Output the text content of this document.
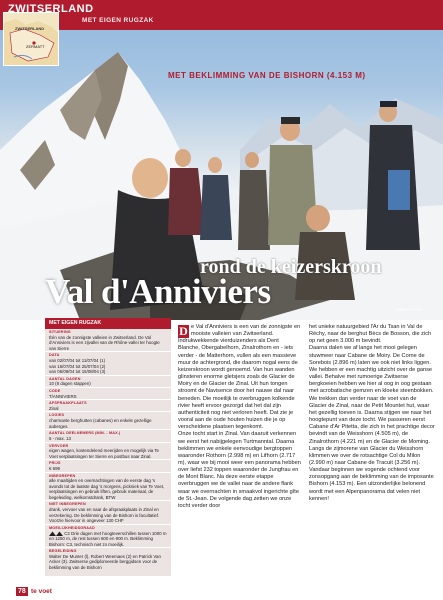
ZWITSERLAND
ZERMATT
ZWITSERLAND
MET EIGEN RUGZAK
MET BEKLIMMING VAN DE BISHORN (4.153 M)
rond de keizerskroon
Val d'Anniviers	DIMMY STEUER
MET EIGEN RUGZAK
SITUERING
Één van de zonnigste valleien in Zwitserland. De Val d'Anniviers is een zijvallei van de Rhône-vallei ter hoogte van Sierre
DATA
van 02/07/04 tot 11/07/04 (1)
van 16/07/04 tot 25/07/04 (2)
van 06/08/04 tot 15/08/04 (3)
AANTAL DAGEN
10 (8 dagen stappen)
CODE
T/ANNIVIERS
AFSPRAAKPLAATS
Zinal
LOGIES
charmante berghutten (cabanes) en enkele gezellige auberges.
AANTAL DEELNEMERS (MIN. - MAX.)
6 - max. 13
VERVOER
eigen wagen, kostendelend meerijden en mogelijk via Te Voet verplaatsingen ter Sierre en postbus naar Zinal.
PRIJS
€ 699
INBEGREPEN
alle maaltijden en overnachtingen van de eerste dag 's avonds tot de laatste dag 's morgens, pickniek van Te Voet, verplaatsingen en gebruik liften, gebruik materiaal, de begeleiding, welkomstdrank, BTW
NIET INBEGREPEN
drank, vervoer van en naar de afspraakplaats in Zinal en verzekering. De beklimming van de Bishorn is facultatief. Voorzie hiervoor in ongeveer 130 CHF
MOEILIJKHEIDSGRAAD
C2 Drie dagen met hoogteverschillen tussen 1000 m en 1250 m, de rest tussen 600 en 900 m. Beklimming Bishorn: C3, technisch niet zo moeilijk.
BEGELEIDING
Walter De Munter (l), Robert Weemaes (2) en Patrick Van Acker (3). Zwitserse gediplomeerde berggidsen voor de beklimming van de Bishorn
D e Val d'Anniviers is een van de zonnigste en mooiste valleien van Zwitserland. Indrukwekkende vierduizenders als Dent Blanche, Obergabelhorn, Zinalrothorn en - iets verder - de Matterhorn, vullen als een massieve muur de achtergrond, die daarom nogal eens de keizerskroon wordt genoemd. Van hun wanden glinsteren enorme gletsjers zoals de Glacier de Moiry en de Glacier de Zinal. Uit hun tongen stroomt de Navisence door het nauwe dal naar beneden. Die moeilijk te overbruggen kolkende rivier heeft ervoor gezorgd dat het dal zijn authenticiteit nog niet verloren heeft. Dat zie je vooral aan de oude houten huizen die je op verscheidene plaatsen tegenkomt.
Onze tocht start in Zinal. Van daaruit verkennen we eerst het nabijgelegen Turtmanntal. Daarna beklimmen we enkele eenvoudige bergtoppen waaronder Rothorn (2.998 m) en Lifhorn (2.717 m), waar we bij mooi weer een panorama hebben over liefst 232 toppen waaronder de Jungfrau en de Mont Blanc. Na deze eerste etappe overbruggen we de vallei naar de andere flank waar we overnachten in smaakvol ingerichte gîte de St.-Jean. De volgende dag zetten we onze tocht verder door
het unieke natuurgebied l'Ar du Tsan in Val de Réchy, naar de berghut Bècs de Bosson, die zich op net geen 3.000 m bevindt.
Daarna dalen we af langs het mooi gelegen stuwmeer naar Cabane de Moiry. De Corne de Sorebois (2.896 m) laten we ook niet links liggen. We hebben er een machtig uitzicht over de ganse vallei. Behalve met rumoerige Zwitserse bergkoeien hebben we hier al oog in oog gestaan met acrobatische gemzen en kloeke steenbokken.
We trekken dan verder naar de voet van de Glacier de Zinal, naar de Petit Mountet hut, waar het gezellig toeven is. Daarna stijgen we naar het hoogtepunt van deze tocht. We passeren eerst Cabane d'Ar Pitetta, die zich in het prachtige decor bevindt van de Weisshorn (4.505 m), de Zinalrothorn (4.221 m) en de Glacier de Moming. Langs de zijmorene van Glacier du Weisshorn klimmen we over de rotsachtige Col du Milon (2.990 m) naar Cabane de Tracuit (3.256 m). Vandaar beginnen we vogende ochtend voor zonsopgang aan de beklimming van de imposante Bishorn (4.153 m). Een uitzonderlijke belonend wordt met een Alpenpanorama dat velen niet kennen!
78 te voet
